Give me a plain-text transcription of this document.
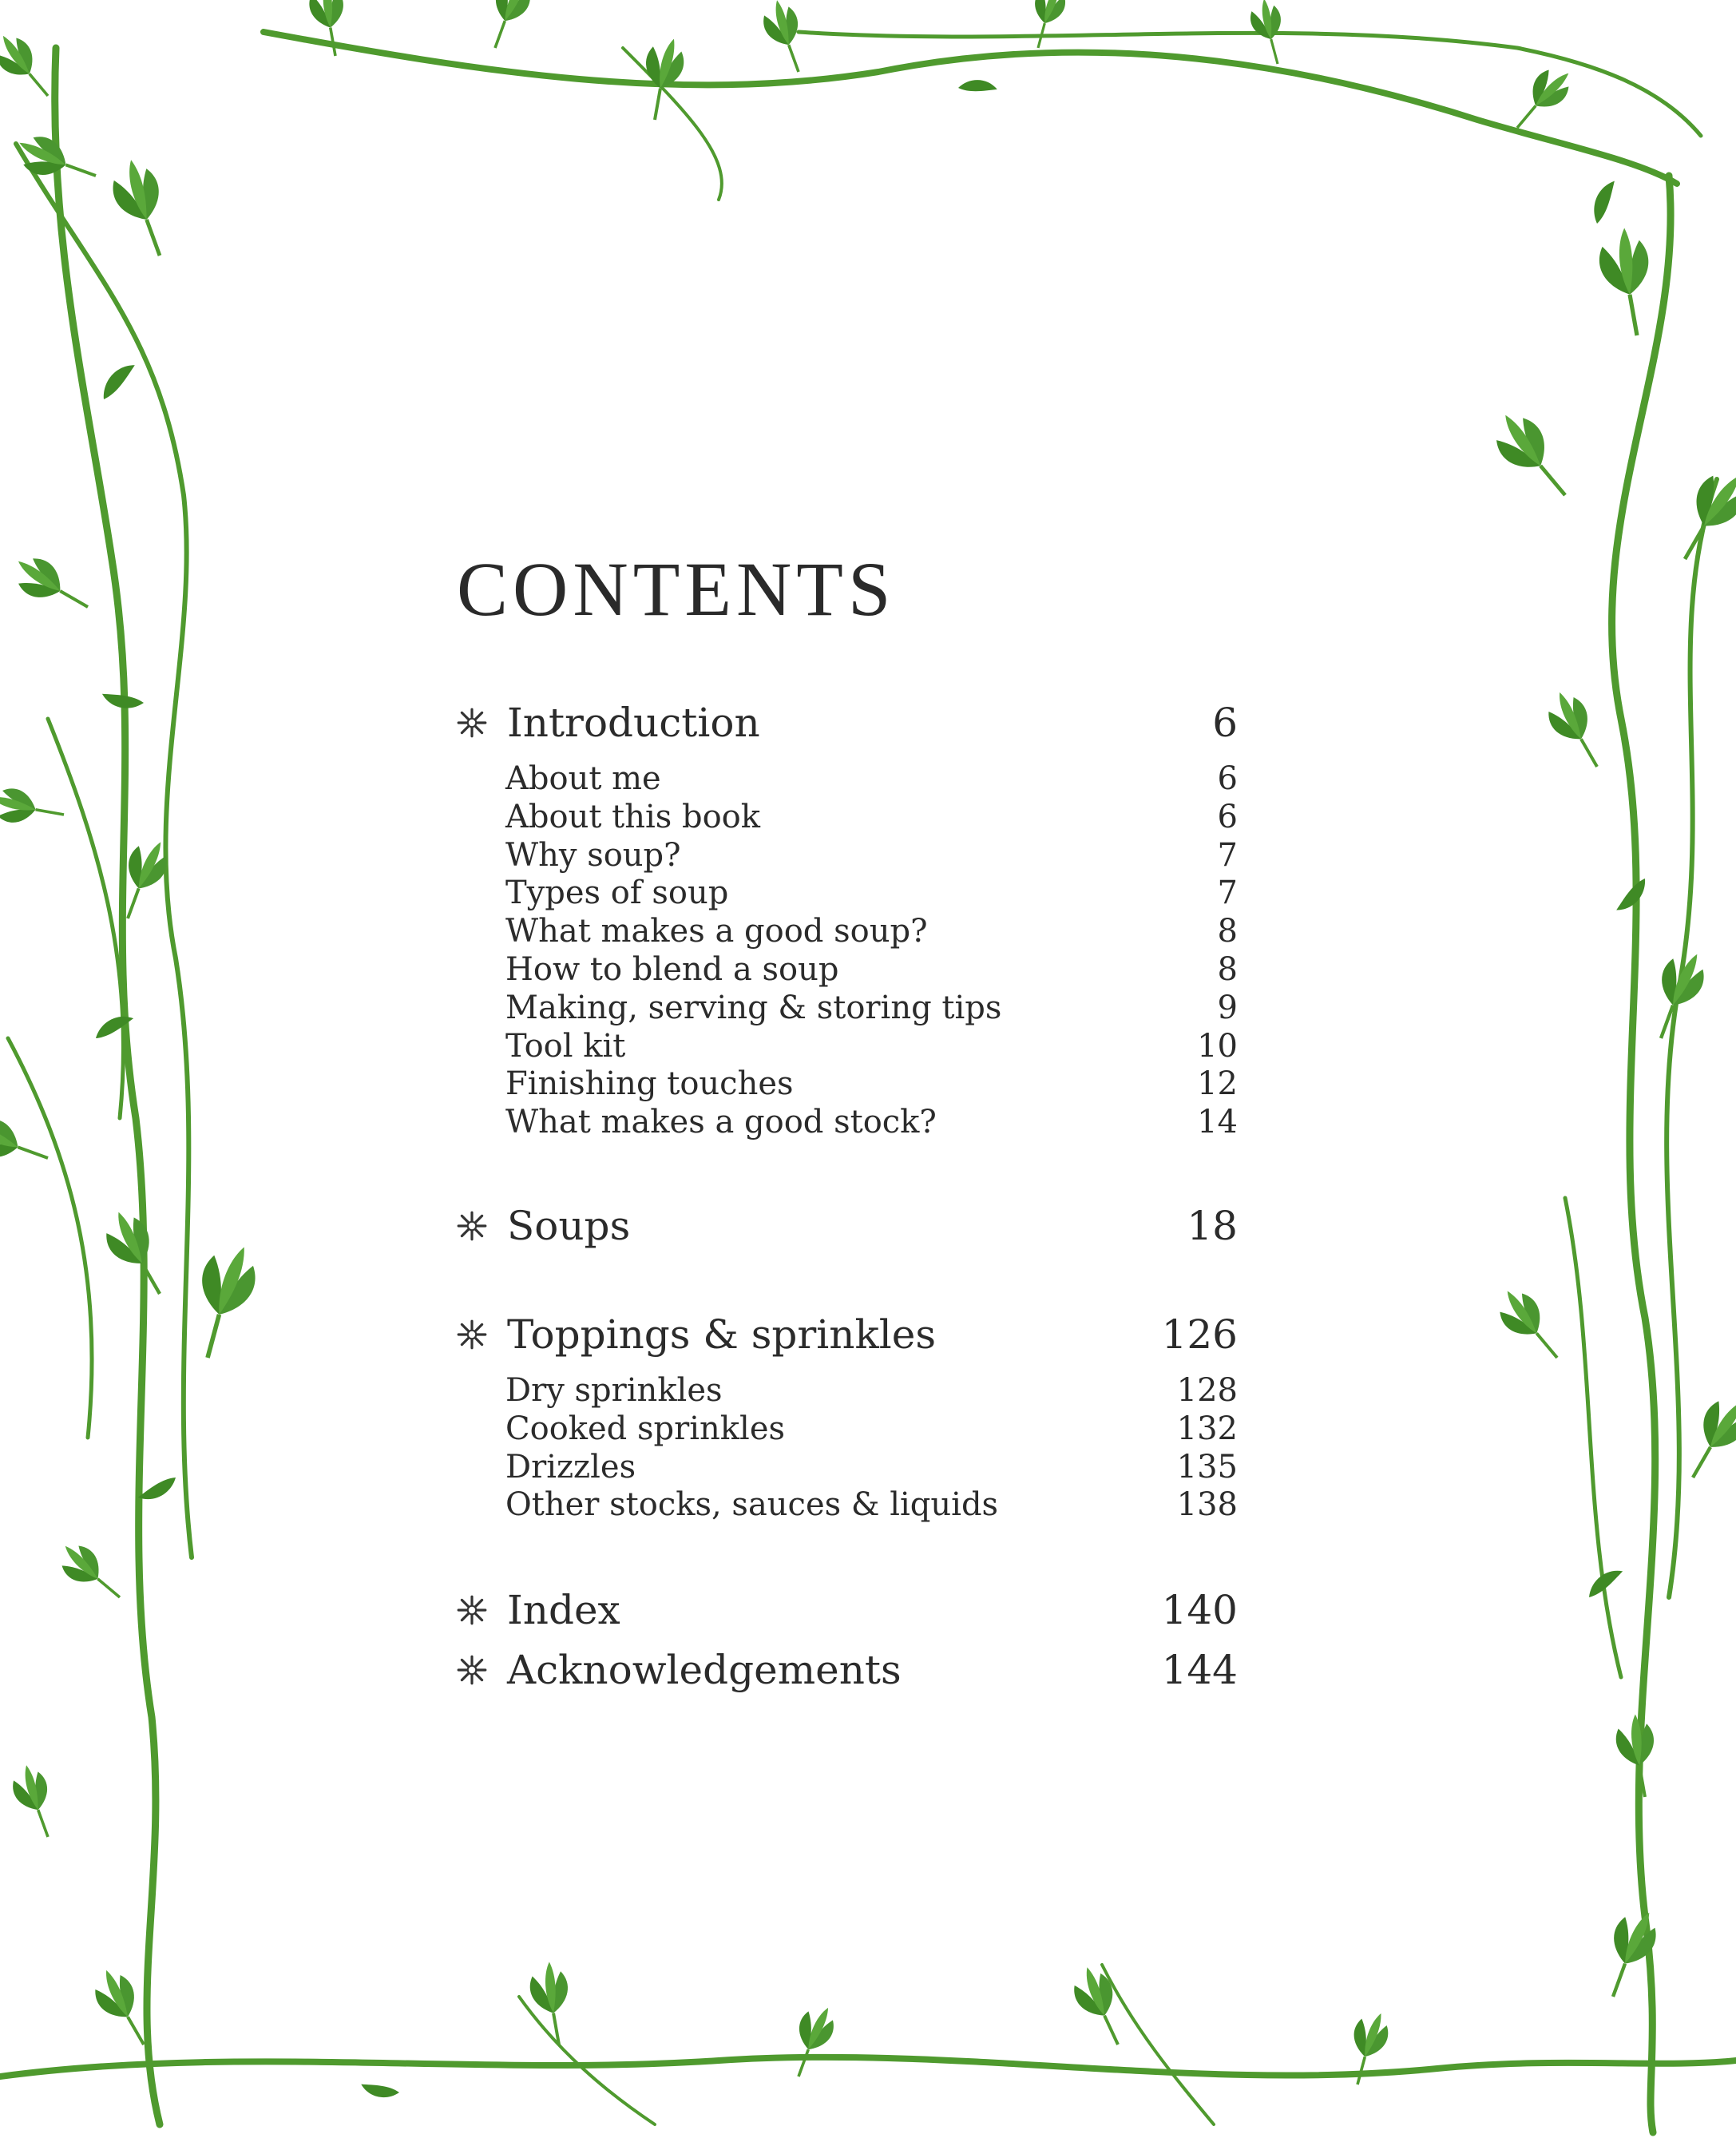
CONTENTS
Introduction	6
About me	6
About this book	6
Why soup?	7
Types of soup	7
What makes a good soup?	8
How to blend a soup	8
Making, serving & storing tips	9
Tool kit	10
Finishing touches	12
What makes a good stock?	14
Soups	18
Toppings & sprinkles	126
Dry sprinkles	128
Cooked sprinkles	132
Drizzles	135
Other stocks, sauces & liquids	138
Index	140
Acknowledgements	144
